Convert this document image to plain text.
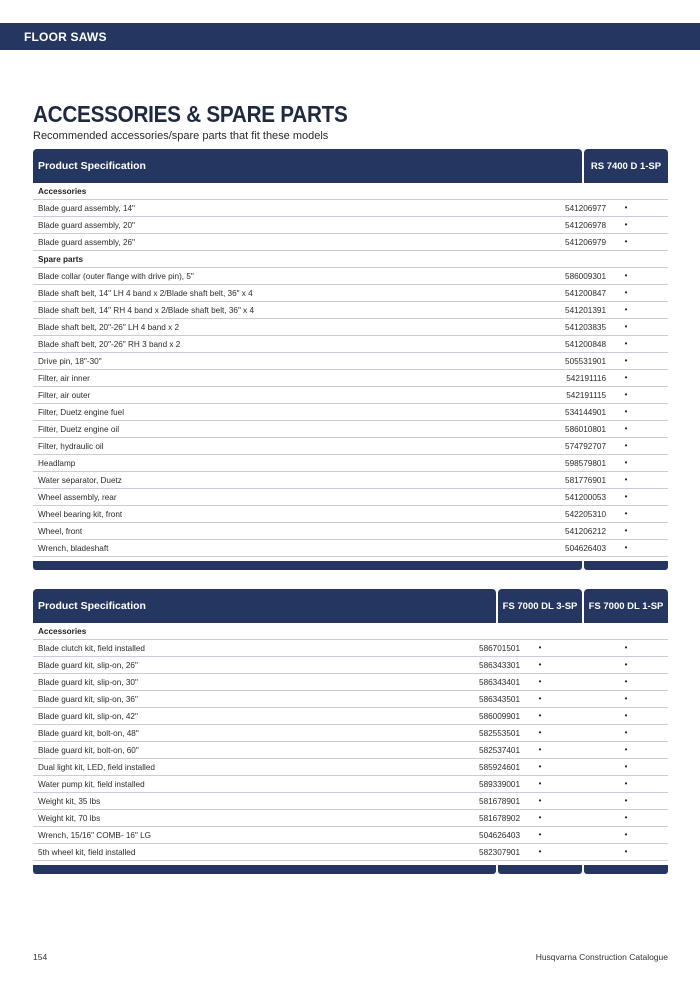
FLOOR SAWS
ACCESSORIES & SPARE PARTS

Recommended accessories/spare parts that fit these models

Product Specification	RS 7400 D 1-SP
Accessories
Blade guard assembly, 14"	541206977	•
Blade guard assembly, 20"	541206978	•
Blade guard assembly, 26"	541206979	•
Spare parts
Blade collar (outer flange with drive pin), 5"	586009301	•
Blade shaft belt, 14" LH 4 band x 2/Blade shaft belt, 36" x 4	541200847	•
Blade shaft belt, 14" RH 4 band x 2/Blade shaft belt, 36" x 4	541201391	•
Blade shaft belt, 20"-26" LH 4 band x 2	541203835	•
Blade shaft belt, 20"-26" RH 3 band x 2	541200848	•
Drive pin, 18"-30"	505531901	•
Filter, air inner	542191116	•
Filter, air outer	542191115	•
Filter, Duetz engine fuel	534144901	•
Filter, Duetz engine oil	586010801	•
Filter, hydraulic oil	574792707	•
Headlamp	598579801	•
Water separator, Duetz	581776901	•
Wheel assembly, rear	541200053	•
Wheel bearing kit, front	542205310	•
Wheel, front	541206212	•
Wrench, bladeshaft	504626403	•
Product Specification	FS 7000 DL 3-SP	FS 7000 DL 1-SP
Accessories
Blade clutch kit, field installed	586701501	•	•
Blade guard kit, slip-on, 26"	586343301	•	•
Blade guard kit, slip-on, 30"	586343401	•	•
Blade guard kit, slip-on, 36"	586343501	•	•
Blade guard kit, slip-on, 42"	586009901	•	•
Blade guard kit, bolt-on, 48"	582553501	•	•
Blade guard kit, bolt-on, 60"	582537401	•	•
Dual light kit, LED, field installed	585924601	•	•
Water pump kit, field installed	589339001	•	•
Weight kit, 35 lbs	581678901	•	•
Weight kit, 70 lbs	581678902	•	•
Wrench, 15/16" COMB- 16" LG	504626403	•	•
5th wheel kit, field installed	582307901	•	•
154	Husqvarna Construction Catalogue
